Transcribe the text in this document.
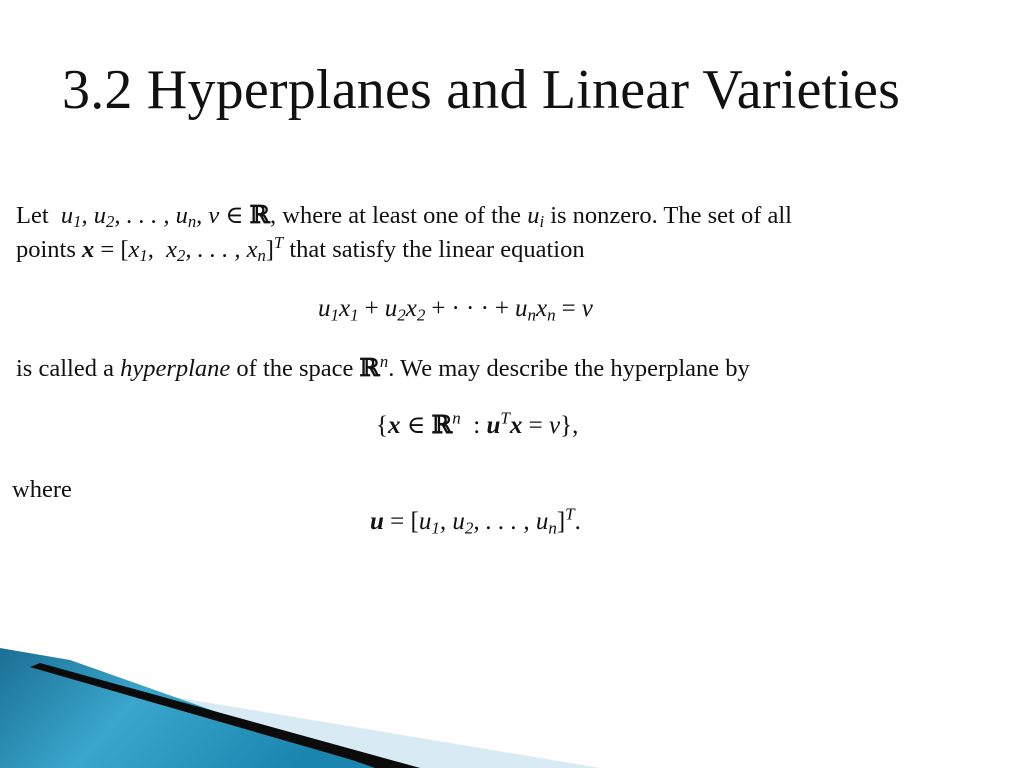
3.2 Hyperplanes and Linear Varieties
Let  $u_1$, $u_2$, . . . , $u_n$, v ∈ ℝ, where at least one of the $u_i$ is nonzero. The set of all
points $x = [x_1$,  $x_2$, . . . , $x_n]^T$ that satisfy the linear equation
$u_1x_1 + u_2x_2$ + · · · + $u_nx_n = v$
is called a hyperplane of the space ℝ$^n$. We may describe the hyperplane by
{x ∈ ℝ$^n$  : $u^Tx = v$},
where
$u = [u_1$, $u_2$, . . . , $u_n]^T$.
